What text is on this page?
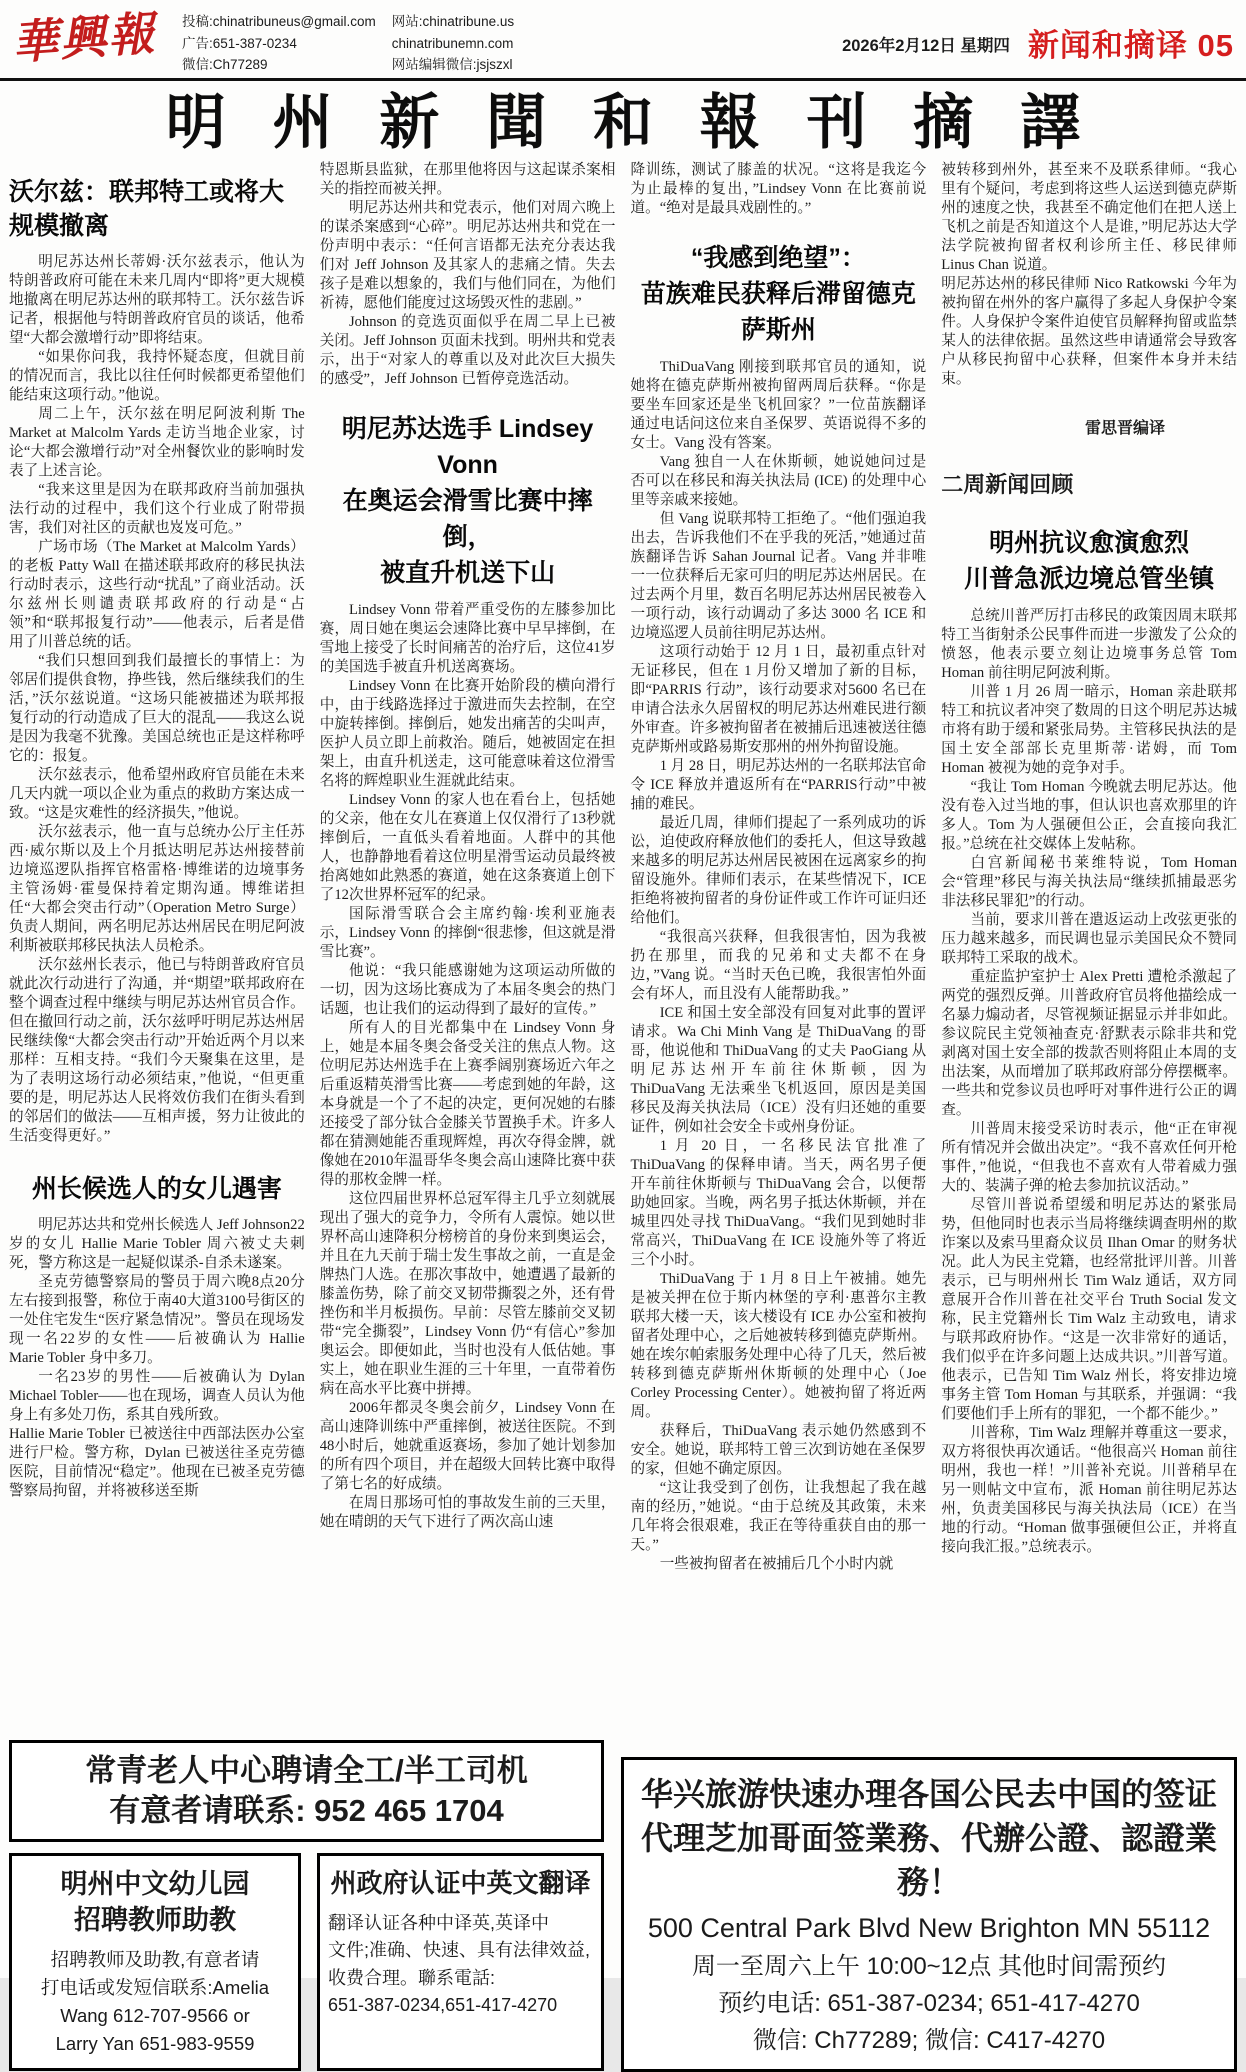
華興報	投稿:chinatribuneus@gmail.com
广告:651-387-0234
微信:Ch77289
网站:chinatribune.us
chinatribunemn.com
网站编辑微信:jsjszxl
2026年2月12日 星期四 新闻和摘译 05
明州新聞和報刊摘譯
沃尔兹：联邦特工或将大规模撤离

明尼苏达州长蒂姆·沃尔兹表示，他认为特朗普政府可能在未来几周内“即将”更大规模地撤离在明尼苏达州的联邦特工。沃尔兹告诉记者，根据他与特朗普政府官员的谈话，他希望“大都会激增行动”即将结束。

“如果你问我，我持怀疑态度，但就目前的情况而言，我比以往任何时候都更希望他们能结束这项行动。”他说。

周二上午，沃尔兹在明尼阿波利斯 The Market at Malcolm Yards 走访当地企业家，讨论“大都会激增行动”对全州餐饮业的影响时发表了上述言论。

“我来这里是因为在联邦政府当前加强执法行动的过程中，我们这个行业成了附带损害，我们对社区的贡献也岌岌可危。”

广场市场（The Market at Malcolm Yards）的老板 Patty Wall 在描述联邦政府的移民执法行动时表示，这些行动“扰乱”了商业活动。沃尔兹州长则谴责联邦政府的行动是“占领”和“联邦报复行动”——他表示，后者是借用了川普总统的话。

“我们只想回到我们最擅长的事情上：为邻居们提供食物，挣些钱，然后继续我们的生活，”沃尔兹说道。“这场只能被描述为联邦报复行动的行动造成了巨大的混乱——我这么说是因为我毫不犹豫。美国总统也正是这样称呼它的：报复。

沃尔兹表示，他希望州政府官员能在未来几天内就一项以企业为重点的救助方案达成一致。“这是灾难性的经济损失，”他说。

沃尔兹表示，他一直与总统办公厅主任苏西·威尔斯以及上个月抵达明尼苏达州接替前边境巡逻队指挥官格雷格·博维诺的边境事务主管汤姆·霍曼保持着定期沟通。博维诺担任“大都会突击行动”（Operation Metro Surge）负责人期间，两名明尼苏达州居民在明尼阿波利斯被联邦移民执法人员枪杀。

沃尔兹州长表示，他已与特朗普政府官员就此次行动进行了沟通，并“期望”联邦政府在整个调查过程中继续与明尼苏达州官员合作。但在撤回行动之前，沃尔兹呼吁明尼苏达州居民继续像“大都会突击行动”开始近两个月以来那样：互相支持。“我们今天聚集在这里，是为了表明这场行动必须结束，”他说，“但更重要的是，明尼苏达人民将效仿我们在街头看到的邻居们的做法——互相声援，努力让彼此的生活变得更好。”

州长候选人的女儿遇害

明尼苏达共和党州长候选人 Jeff Johnson22 岁的女儿 Hallie Marie Tobler 周六被丈夫刺死，警方称这是一起疑似谋杀-自杀未遂案。

圣克劳德警察局的警员于周六晚8点20分左右接到报警，称位于南40大道3100号街区的一处住宅发生“医疗紧急情况”。警员在现场发现一名22岁的女性——后被确认为 Hallie Marie Tobler 身中多刀。

一名23岁的男性——后被确认为 Dylan Michael Tobler——也在现场，调查人员认为他身上有多处刀伤，系其自残所致。

Hallie Marie Tobler 已被送往中西部法医办公室进行尸检。警方称，Dylan 已被送往圣克劳德医院，目前情况“稳定”。他现在已被圣克劳德警察局拘留，并将被移送至斯

特恩斯县监狱，在那里他将因与这起谋杀案相关的指控而被关押。

明尼苏达州共和党表示，他们对周六晚上的谋杀案感到“心碎”。明尼苏达州共和党在一份声明中表示：“任何言语都无法充分表达我们对 Jeff Johnson 及其家人的悲痛之情。失去孩子是难以想象的，我们与他们同在，为他们祈祷，愿他们能度过这场毁灭性的悲剧。”

Johnson 的竞选页面似乎在周二早上已被关闭。Jeff Johnson 页面未找到。明州共和党表示，出于“对家人的尊重以及对此次巨大损失的感受”，Jeff Johnson 已暂停竞选活动。

明尼苏达选手 Lindsey Vonn
在奥运会滑雪比赛中摔倒，
被直升机送下山

Lindsey Vonn 带着严重受伤的左膝参加比赛，周日她在奥运会速降比赛中早早摔倒，在雪地上接受了长时间痛苦的治疗后，这位41岁的美国选手被直升机送离赛场。

Lindsey Vonn 在比赛开始阶段的横向滑行中，由于线路选择过于激进而失去控制，在空中旋转摔倒。摔倒后，她发出痛苦的尖叫声，医护人员立即上前救治。随后，她被固定在担架上，由直升机送走，这可能意味着这位滑雪名将的辉煌职业生涯就此结束。

Lindsey Vonn 的家人也在看台上，包括她的父亲，他在女儿在赛道上仅仅滑行了13秒就摔倒后，一直低头看着地面。人群中的其他人，也静静地看着这位明星滑雪运动员最终被抬离她如此熟悉的赛道，她在这条赛道上创下了12次世界杯冠军的纪录。

国际滑雪联合会主席约翰·埃利亚施表示，Lindsey Vonn 的摔倒“很悲惨，但这就是滑雪比赛”。

他说：“我只能感谢她为这项运动所做的一切，因为这场比赛成为了本届冬奥会的热门话题，也让我们的运动得到了最好的宣传。”

所有人的目光都集中在 Lindsey Vonn 身上，她是本届冬奥会备受关注的焦点人物。这位明尼苏达州选手在上赛季阔别赛场近六年之后重返精英滑雪比赛——考虑到她的年龄，这本身就是一个了不起的决定，更何况她的右膝还接受了部分钛合金膝关节置换手术。许多人都在猜测她能否重现辉煌，再次夺得金牌，就像她在2010年温哥华冬奥会高山速降比赛中获得的那枚金牌一样。

这位四届世界杯总冠军得主几乎立刻就展现出了强大的竞争力，令所有人震惊。她以世界杯高山速降积分榜榜首的身份来到奥运会，并且在九天前于瑞士发生事故之前，一直是金牌热门人选。在那次事故中，她遭遇了最新的膝盖伤势，除了前交叉韧带撕裂之外，还有骨挫伤和半月板损伤。早前：尽管左膝前交叉韧带“完全撕裂”，Lindsey Vonn 仍“有信心”参加奥运会。即便如此，当时也没有人低估她。事实上，她在职业生涯的三十年里，一直带着伤病在高水平比赛中拼搏。

2006年都灵冬奥会前夕，Lindsey Vonn 在高山速降训练中严重摔倒，被送往医院。不到48小时后，她就重返赛场，参加了她计划参加的所有四个项目，并在超级大回转比赛中取得了第七名的好成绩。

在周日那场可怕的事故发生前的三天里，她在晴朗的天气下进行了两次高山速

降训练，测试了膝盖的状况。“这将是我迄今为止最棒的复出，”Lindsey Vonn 在比赛前说道。“绝对是最具戏剧性的。”

“我感到绝望”：
苗族难民获释后滞留德克萨斯州

ThiDuaVang 刚接到联邦官员的通知，说她将在德克萨斯州被拘留两周后获释。“你是要坐车回家还是坐飞机回家？”一位苗族翻译通过电话问这位来自圣保罗、英语说得不多的女士。Vang 没有答案。

Vang 独自一人在休斯顿，她说她问过是否可以在移民和海关执法局 (ICE) 的处理中心里等亲戚来接她。

但 Vang 说联邦特工拒绝了。“他们强迫我出去，告诉我他们不在乎我的死活，”她通过苗族翻译告诉 Sahan Journal 记者。Vang 并非唯一一位获释后无家可归的明尼苏达州居民。在过去两个月里，数百名明尼苏达州居民被卷入一项行动，该行动调动了多达 3000 名 ICE 和边境巡逻人员前往明尼苏达州。

这项行动始于 12 月 1 日，最初重点针对无证移民，但在 1 月份又增加了新的目标，即“PARRIS 行动”，该行动要求对5600 名已在申请合法永久居留权的明尼苏达州难民进行额外审查。许多被拘留者在被捕后迅速被送往德克萨斯州或路易斯安那州的州外拘留设施。

1 月 28 日，明尼苏达州的一名联邦法官命令 ICE 释放并遣返所有在“PARRIS行动”中被捕的难民。

最近几周，律师们提起了一系列成功的诉讼，迫使政府释放他们的委托人，但这导致越来越多的明尼苏达州居民被困在远离家乡的拘留设施外。律师们表示，在某些情况下，ICE 拒绝将被拘留者的身份证件或工作许可证归还给他们。

“我很高兴获释，但我很害怕，因为我被扔在那里，而我的兄弟和丈夫都不在身边，”Vang 说。“当时天色已晚，我很害怕外面会有坏人，而且没有人能帮助我。”

ICE 和国土安全部没有回复对此事的置评请求。Wa Chi Minh Vang 是 ThiDuaVang 的哥哥，他说他和 ThiDuaVang 的丈夫 PaoGiang 从明尼苏达州开车前往休斯顿，因为 ThiDuaVang 无法乘坐飞机返回，原因是美国移民及海关执法局（ICE）没有归还她的重要证件，例如社会安全卡或州身份证。

1 月 20 日，一名移民法官批准了 ThiDuaVang 的保释申请。当天，两名男子便开车前往休斯顿与 ThiDuaVang 会合，以便帮助她回家。当晚，两名男子抵达休斯顿，并在城里四处寻找 ThiDuaVang。“我们见到她时非常高兴，ThiDuaVang 在 ICE 设施外等了将近三个小时。

ThiDuaVang 于 1 月 8 日上午被捕。她先是被关押在位于斯内林堡的亨利·惠普尔主教联邦大楼一天，该大楼设有 ICE 办公室和被拘留者处理中心，之后她被转移到德克萨斯州。她在埃尔帕索服务处理中心待了几天，然后被转移到德克萨斯州休斯顿的处理中心（Joe Corley Processing Center）。她被拘留了将近两周。

获释后，ThiDuaVang 表示她仍然感到不安全。她说，联邦特工曾三次到访她在圣保罗的家，但她不确定原因。

“这让我受到了创伤，让我想起了我在越南的经历，”她说。“由于总统及其政策，未来几年将会很艰难，我正在等待重获自由的那一天。”

一些被拘留者在被捕后几个小时内就

被转移到州外，甚至来不及联系律师。“我心里有个疑问，考虑到将这些人运送到德克萨斯州的速度之快，我甚至不确定他们在把人送上飞机之前是否知道这个人是谁，”明尼苏达大学法学院被拘留者权利诊所主任、移民律师 Linus Chan 说道。

明尼苏达州的移民律师 Nico Ratkowski 今年为被拘留在州外的客户赢得了多起人身保护令案件。人身保护令案件迫使官员解释拘留或监禁某人的法律依据。虽然这些申请通常会导致客户从移民拘留中心获释，但案件本身并未结束。

雷思晋编译
二周新闻回顾
明州抗议愈演愈烈
川普急派边境总管坐镇

总统川普严厉打击移民的政策因周末联邦特工当街射杀公民事件而进一步激发了公众的愤怒，他表示要立刻让边境事务总管 Tom Homan 前往明尼阿波利斯。

川普 1 月 26 周一暗示，Homan 亲赴联邦特工和抗议者冲突了数周的日这个明尼苏达城市将有助于缓和紧张局势。主管移民执法的是国土安全部部长克里斯蒂·诺姆，而 Tom Homan 被视为她的竞争对手。

“我让 Tom Homan 今晚就去明尼苏达。他没有卷入过当地的事，但认识也喜欢那里的许多人。Tom 为人强硬但公正，会直接向我汇报。”总统在社交媒体上发帖称。

白宫新闻秘书莱维特说，Tom Homan 会“管理”移民与海关执法局“继续抓捕最恶劣非法移民罪犯”的行动。

当前，要求川普在遣返运动上改弦更张的压力越来越多，而民调也显示美国民众不赞同联邦特工采取的战术。

重症监护室护士 Alex Pretti 遭枪杀激起了两党的强烈反弹。川普政府官员将他描绘成一名暴力煽动者，尽管视频证据显示并非如此。参议院民主党领袖查克·舒默表示除非共和党剥离对国土安全部的拨款否则将阻止本周的支出法案，从而增加了联邦政府部分停摆概率。一些共和党参议员也呼吁对事件进行公正的调查。

川普周末接受采访时表示，他“正在审视所有情况并会做出决定”。“我不喜欢任何开枪事件，”他说，“但我也不喜欢有人带着威力强大的、装满子弹的枪去参加抗议活动。”

尽管川普说希望缓和明尼苏达的紧张局势，但他同时也表示当局将继续调查明州的欺诈案以及索马里裔众议员 Ilhan Omar 的财务状况。此人为民主党籍，也经常批评川普。川普表示，已与明州州长 Tim Walz 通话，双方同意展开合作川普在社交平台 Truth Social 发文称，民主党籍州长 Tim Walz 主动致电，请求与联邦政府协作。“这是一次非常好的通话，我们似乎在许多问题上达成共识。”川普写道。他表示，已告知 Tim Walz 州长，将安排边境事务主管 Tom Homan 与其联系，并强调：“我们要他们手上所有的罪犯，一个都不能少。”

川普称，Tim Walz 理解并尊重这一要求，双方将很快再次通话。“他很高兴 Homan 前往明州，我也一样！”川普补充说。川普稍早在另一则帖文中宣布，派 Homan 前往明尼苏达州，负责美国移民与海关执法局（ICE）在当地的行动。“Homan 做事强硬但公正，并将直接向我汇报。”总统表示。

常青老人中心聘请全工/半工司机
有意者请联系: 952 465 1704
明州中文幼儿园
招聘教师助教
招聘教师及助教,有意者请
打电话或发短信联系:Amelia
Wang 612-707-9566 or
Larry Yan 651-983-9559
州政府认证中英文翻译
翻译认证各种中译英,英译中
文件;准确、快速、具有法律效益,
收费合理。聯系電話:
651-387-0234,651-417-4270
华兴旅游快速办理各国公民去中国的签证
代理芝加哥面签業務、代辦公證、認證業務！
500 Central Park Blvd New Brighton MN 55112
周一至周六上午 10:00~12点 其他时间需预约
预约电话: 651-387-0234; 651-417-4270
微信: Ch77289; 微信: C417-4270
